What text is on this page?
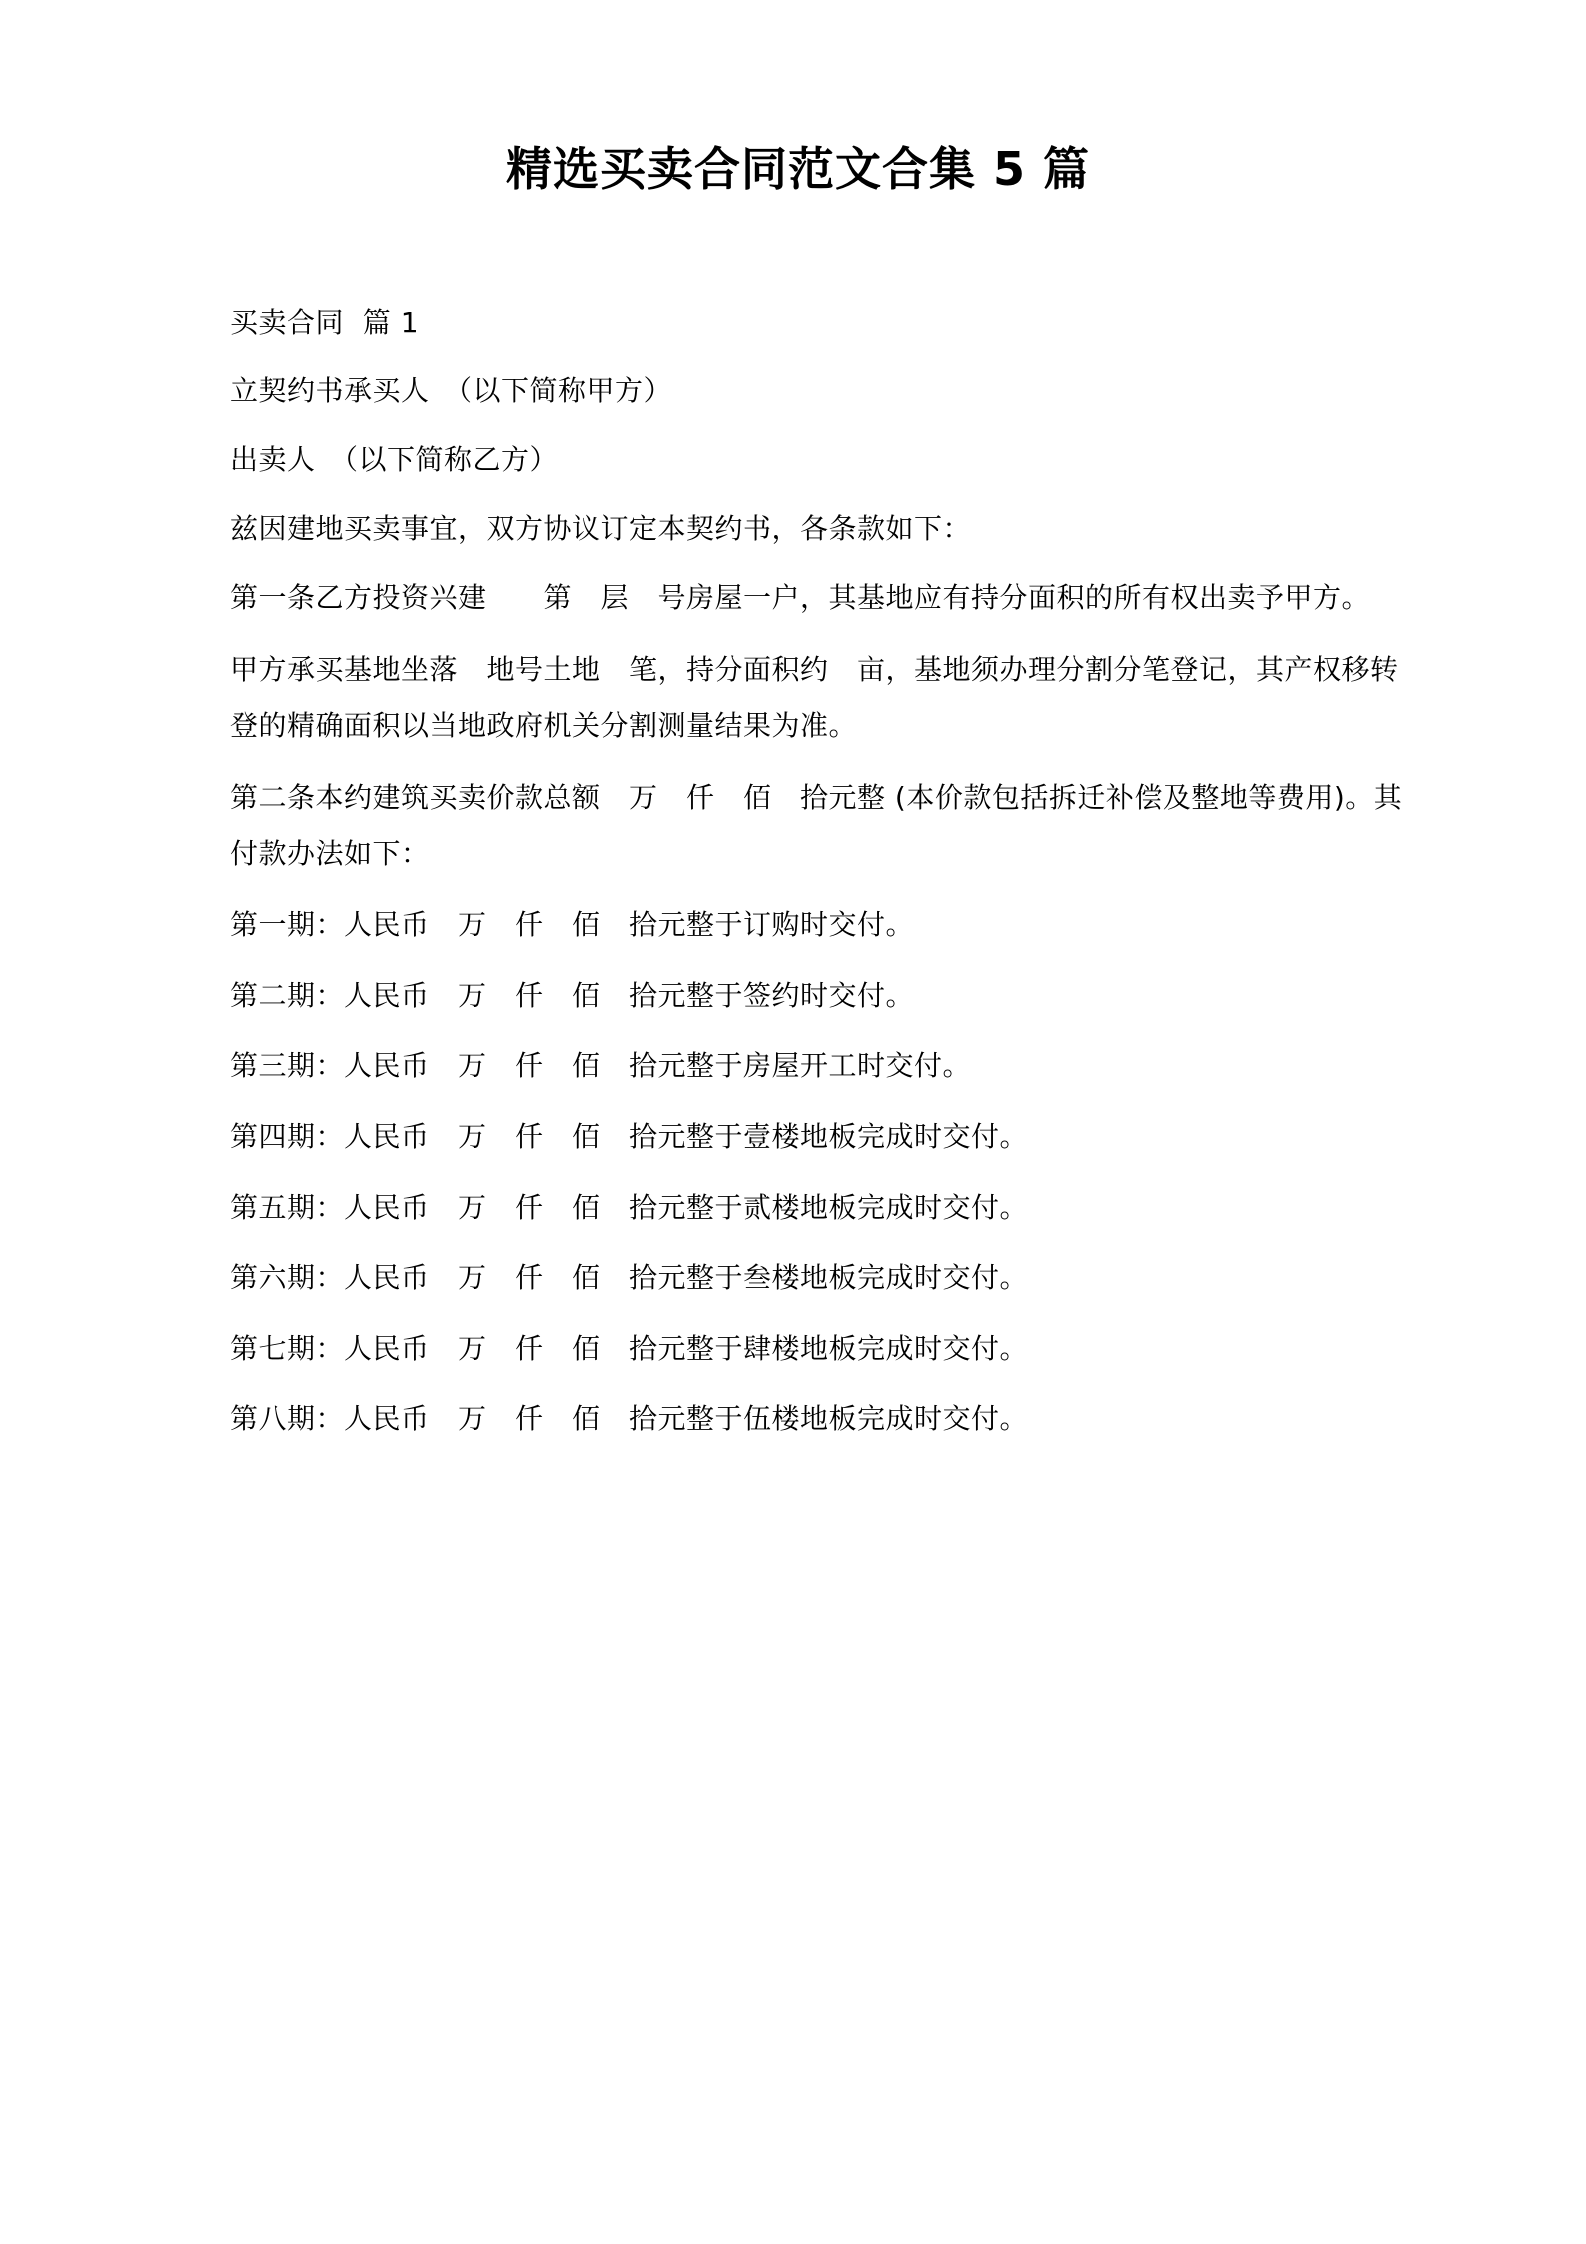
精选买卖合同范文合集 5 篇

买卖合同  篇 1

立契约书承买人　（以下简称甲方）

出卖人　（以下简称乙方）

兹因建地买卖事宜，双方协议订定本契约书，各条款如下：

第一条乙方投资兴建　　第　层　号房屋一户，其基地应有持分面积的所有权出卖予甲方。

甲方承买基地坐落　地号土地　笔，持分面积约　亩，基地须办理分割分笔登记，其产权移转登的精确面积以当地政府机关分割测量结果为准。

第二条本约建筑买卖价款总额　万　仟　佰　拾元整 (本价款包括拆迁补偿及整地等费用)。其付款办法如下：

第一期：人民币　万　仟　佰　拾元整于订购时交付。

第二期：人民币　万　仟　佰　拾元整于签约时交付。

第三期：人民币　万　仟　佰　拾元整于房屋开工时交付。

第四期：人民币　万　仟　佰　拾元整于壹楼地板完成时交付。

第五期：人民币　万　仟　佰　拾元整于贰楼地板完成时交付。

第六期：人民币　万　仟　佰　拾元整于叁楼地板完成时交付。

第七期：人民币　万　仟　佰　拾元整于肆楼地板完成时交付。

第八期：人民币　万　仟　佰　拾元整于伍楼地板完成时交付。
